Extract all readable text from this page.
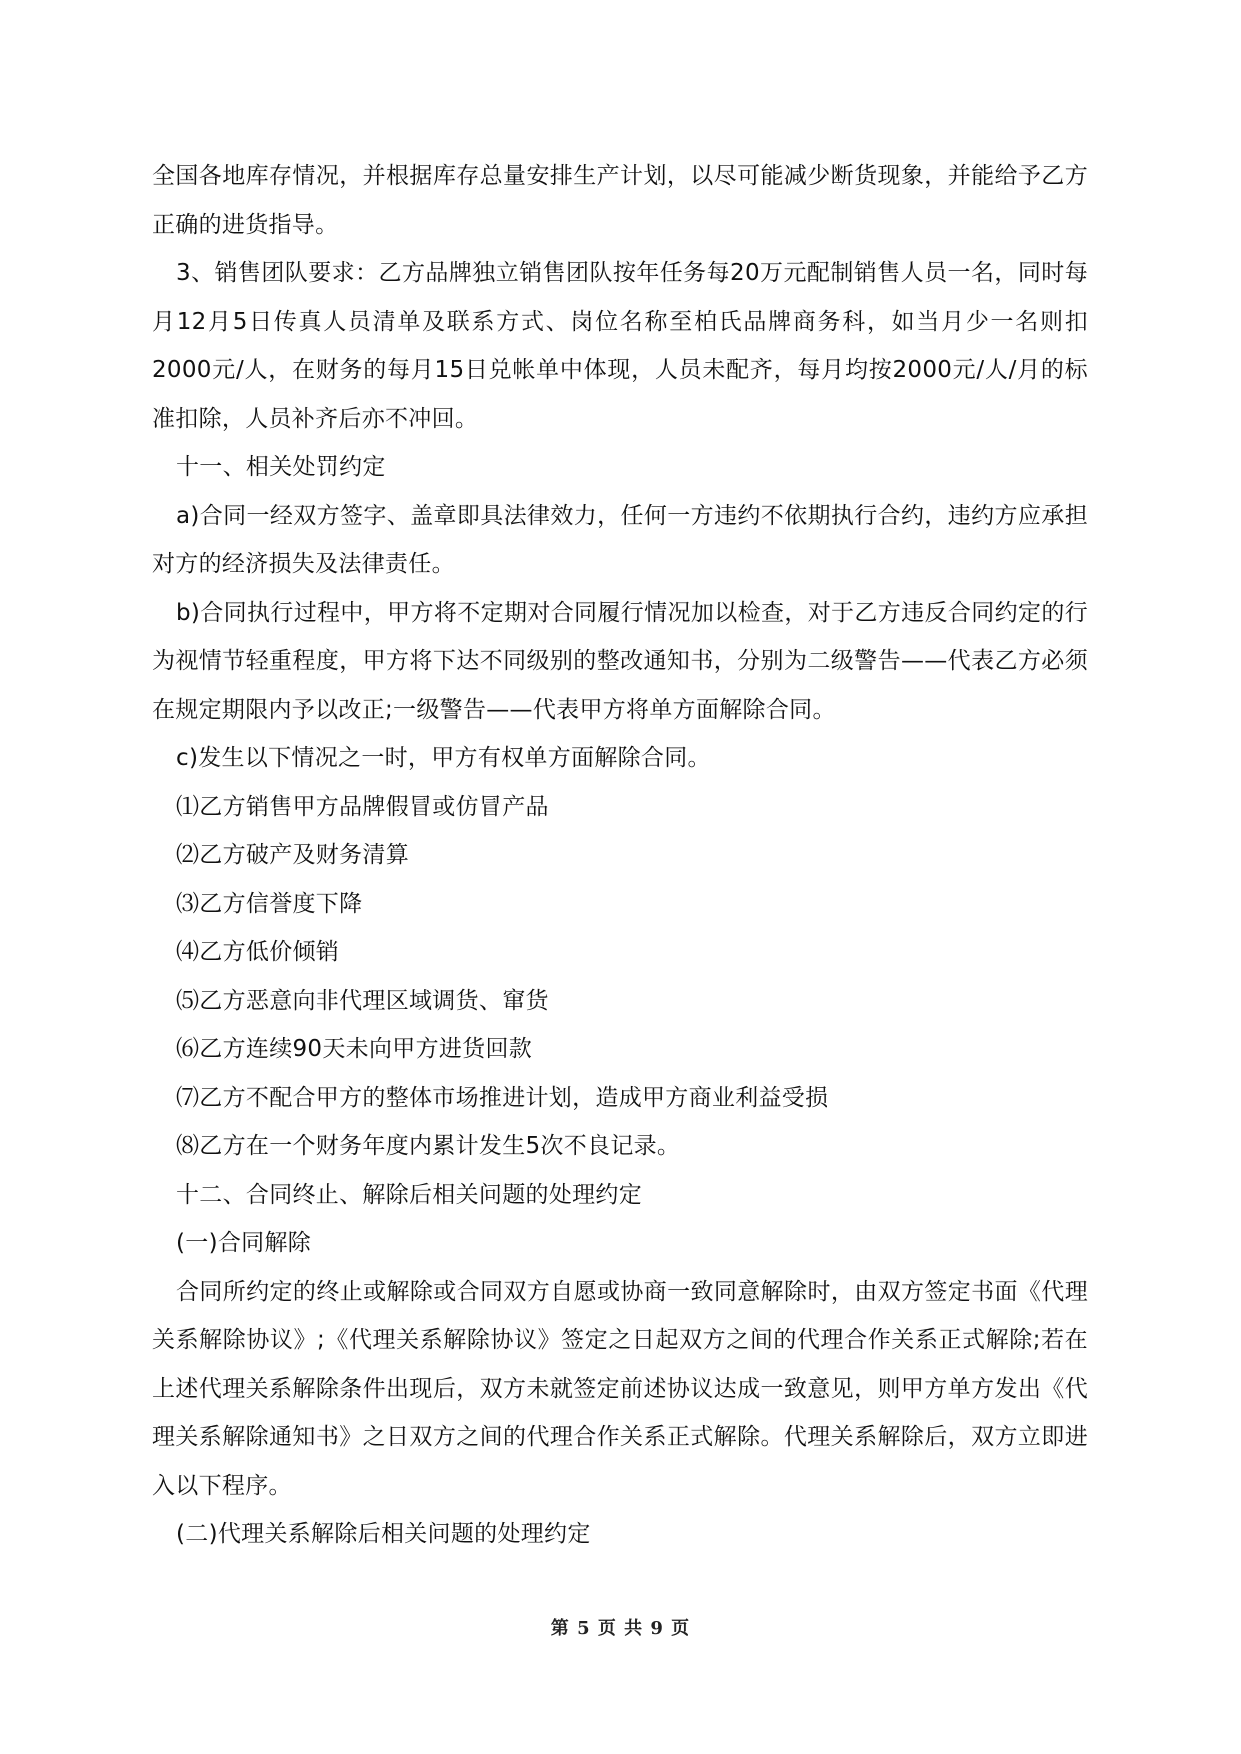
全国各地库存情况，并根据库存总量安排生产计划，以尽可能减少断货现象，并能给予乙方正确的进货指导。

3、销售团队要求：乙方品牌独立销售团队按年任务每20万元配制销售人员一名，同时每月12月5日传真人员清单及联系方式、岗位名称至柏氏品牌商务科，如当月少一名则扣2000元/人，在财务的每月15日兑帐单中体现，人员未配齐，每月均按2000元/人/月的标准扣除，人员补齐后亦不冲回。

十一、相关处罚约定

a)合同一经双方签字、盖章即具法律效力，任何一方违约不依期执行合约，违约方应承担对方的经济损失及法律责任。

b)合同执行过程中，甲方将不定期对合同履行情况加以检查，对于乙方违反合同约定的行为视情节轻重程度，甲方将下达不同级别的整改通知书，分别为二级警告——代表乙方必须在规定期限内予以改正;一级警告——代表甲方将单方面解除合同。

c)发生以下情况之一时，甲方有权单方面解除合同。

⑴乙方销售甲方品牌假冒或仿冒产品

⑵乙方破产及财务清算

⑶乙方信誉度下降

⑷乙方低价倾销

⑸乙方恶意向非代理区域调货、窜货

⑹乙方连续90天未向甲方进货回款

⑺乙方不配合甲方的整体市场推进计划，造成甲方商业利益受损

⑻乙方在一个财务年度内累计发生5次不良记录。

十二、合同终止、解除后相关问题的处理约定

(一)合同解除

合同所约定的终止或解除或合同双方自愿或协商一致同意解除时，由双方签定书面《代理关系解除协议》;《代理关系解除协议》签定之日起双方之间的代理合作关系正式解除;若在上述代理关系解除条件出现后，双方未就签定前述协议达成一致意见，则甲方单方发出《代理关系解除通知书》之日双方之间的代理合作关系正式解除。代理关系解除后，双方立即进入以下程序。

(二)代理关系解除后相关问题的处理约定

第 5 页 共 9 页
